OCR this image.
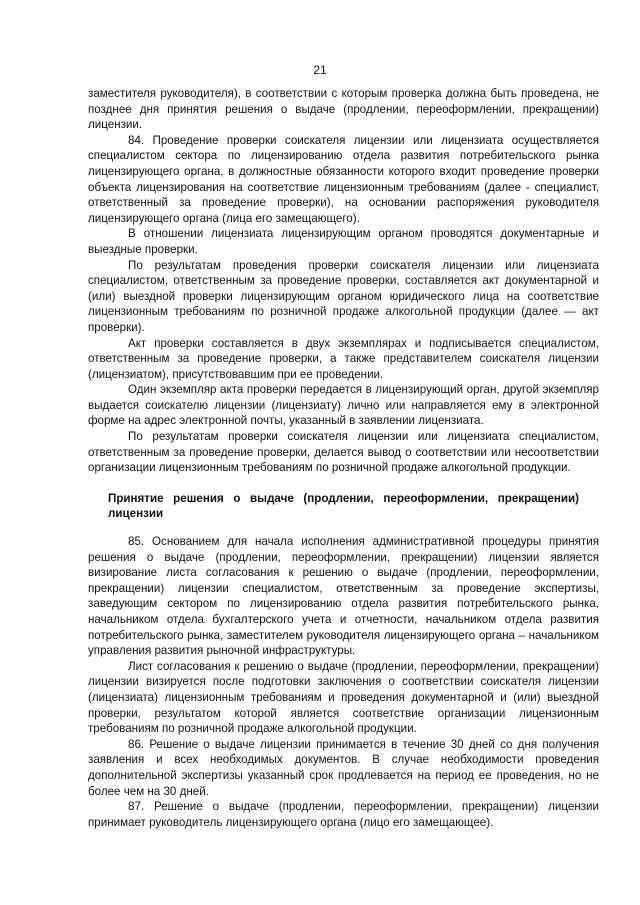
21

заместителя руководителя), в соответствии с которым проверка должна быть проведена, не позднее дня принятия решения о выдаче (продлении, переоформлении, прекращении) лицензии.

84. Проведение проверки соискателя лицензии или лицензиата осуществляется специалистом сектора по лицензированию отдела развития потребительского рынка лицензирующего органа, в должностные обязанности которого входит проведение проверки объекта лицензирования на соответствие лицензионным требованиям (далее - специалист, ответственный за проведение проверки), на основании распоряжения руководителя лицензирующего органа (лица его замещающего).

В отношении лицензиата лицензирующим органом проводятся документарные и выездные проверки.

По результатам проведения проверки соискателя лицензии или лицензиата специалистом, ответственным за проведение проверки, составляется акт документарной и (или) выездной проверки лицензирующим органом юридического лица на соответствие лицензионным требованиям по розничной продаже алкогольной продукции (далее — акт проверки).

Акт проверки составляется в двух экземплярах и подписывается специалистом, ответственным за проведение проверки, а также представителем соискателя лицензии (лицензиатом), присутствовавшим при ее проведении.

Один экземпляр акта проверки передается в лицензирующий орган, другой экземпляр выдается соискателю лицензии (лицензиату) лично или направляется ему в электронной форме на адрес электронной почты, указанный в заявлении лицензиата.

По результатам проверки соискателя лицензии или лицензиата специалистом, ответственным за проведение проверки, делается вывод о соответствии или несоответствии организации лицензионным требованиям по розничной продаже алкогольной продукции.

Принятие решения о выдаче (продлении, переоформлении, прекращении) лицензии

85. Основанием для начала исполнения административной процедуры принятия решения о выдаче (продлении, переоформлении, прекращении) лицензии является визирование листа согласования к решению о выдаче (продлении, переоформлении, прекращении) лицензии специалистом, ответственным за проведение экспертизы, заведующим сектором по лицензированию отдела развития потребительского рынка, начальником отдела бухгалтерского учета и отчетности, начальником отдела развития потребительского рынка, заместителем руководителя лицензирующего органа – начальником управления развития рыночной инфраструктуры.

Лист согласования к решению о выдаче (продлении, переоформлении, прекращении) лицензии визируется после подготовки заключения о соответствии соискателя лицензии (лицензиата) лицензионным требованиям и проведения документарной и (или) выездной проверки, результатом которой является соответствие организации лицензионным требованиям по розничной продаже алкогольной продукции.

86. Решение о выдаче лицензии принимается в течение 30 дней со дня получения заявления и всех необходимых документов. В случае необходимости проведения дополнительной экспертизы указанный срок продлевается на период ее проведения, но не более чем на 30 дней.

87. Решение о выдаче (продлении, переоформлении, прекращении) лицензии принимает руководитель лицензирующего органа (лицо его замещающее).
